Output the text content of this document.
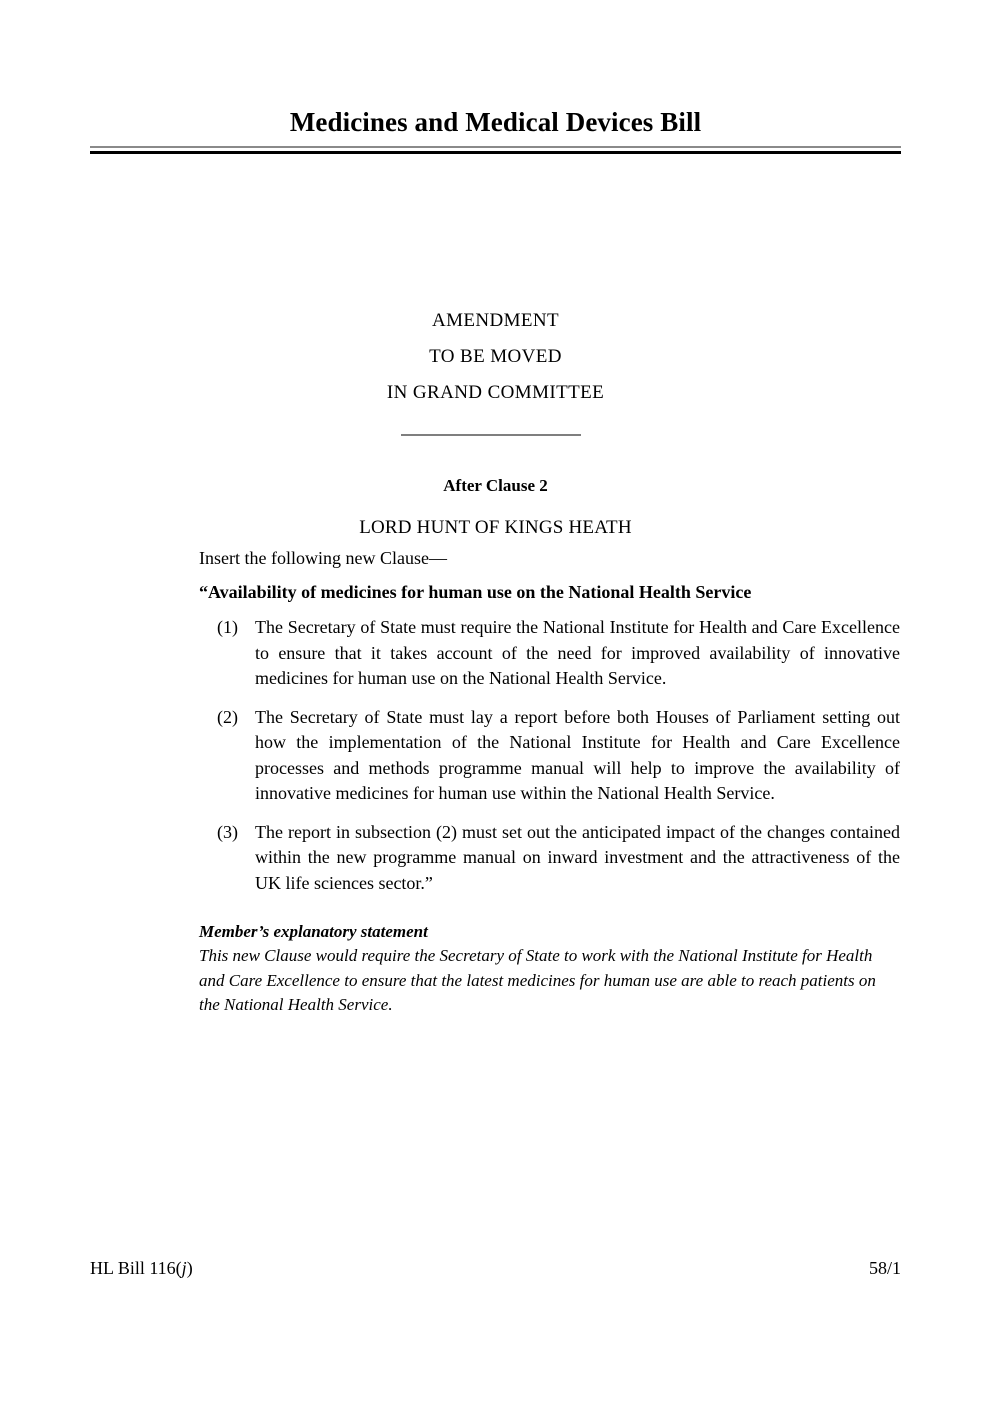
Medicines and Medical Devices Bill
AMENDMENT
TO BE MOVED
IN GRAND COMMITTEE
After Clause 2
LORD HUNT OF KINGS HEATH
Insert the following new Clause—
“Availability of medicines for human use on the National Health Service
(1) The Secretary of State must require the National Institute for Health and Care Excellence to ensure that it takes account of the need for improved availability of innovative medicines for human use on the National Health Service.
(2) The Secretary of State must lay a report before both Houses of Parliament setting out how the implementation of the National Institute for Health and Care Excellence processes and methods programme manual will help to improve the availability of innovative medicines for human use within the National Health Service.
(3) The report in subsection (2) must set out the anticipated impact of the changes contained within the new programme manual on inward investment and the attractiveness of the UK life sciences sector.”
Member’s explanatory statement
This new Clause would require the Secretary of State to work with the National Institute for Health and Care Excellence to ensure that the latest medicines for human use are able to reach patients on the National Health Service.
HL Bill 116(j)	58/1
